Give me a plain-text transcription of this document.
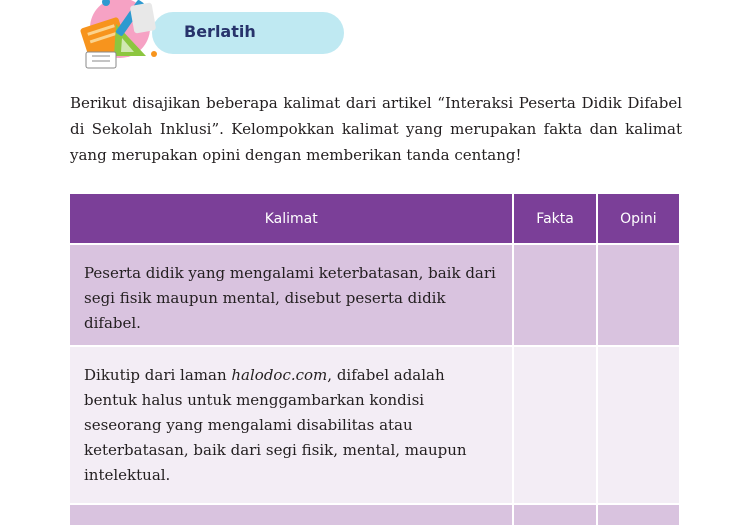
Berlatih

Berikut disajikan beberapa kalimat dari artikel “Interaksi Peserta Didik Difabel di Sekolah Inklusi”. Kelompokkan kalimat yang merupakan fakta dan kalimat yang merupakan opini dengan memberikan tanda centang!

Kalimat	Fakta	Opini

Peserta didik yang mengalami keterbatasan, baik dari segi fisik maupun mental, disebut peserta didik difabel.		

Dikutip dari laman halodoc.com, difabel adalah bentuk halus untuk menggambarkan kondisi seseorang yang mengalami disabilitas atau keterbatasan, baik dari segi fisik, mental, maupun intelektual.		
